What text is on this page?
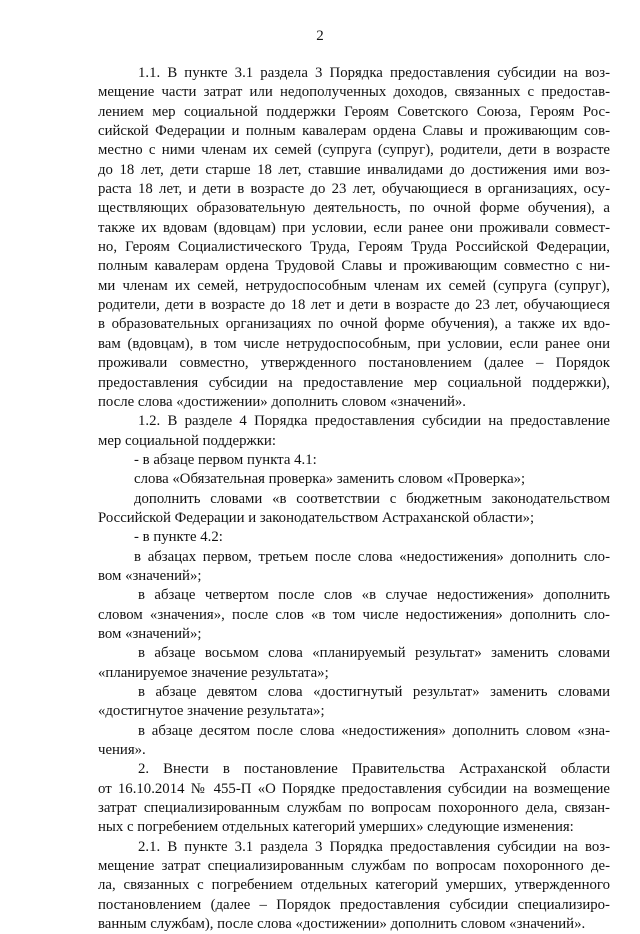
2
1.1. В пункте 3.1 раздела 3 Порядка предоставления субсидии на воз-
мещение части затрат или недополученных доходов, связанных с предостав-
лением мер социальной поддержки Героям Советского Союза, Героям Рос-
сийской Федерации и полным кавалерам ордена Славы и проживающим сов-
местно с ними членам их семей (супруга (супруг), родители, дети в возрасте
до 18 лет, дети старше 18 лет, ставшие инвалидами до достижения ими воз-
раста 18 лет, и дети в возрасте до 23 лет, обучающиеся в организациях, осу-
ществляющих образовательную деятельность, по очной форме обучения), а
также их вдовам (вдовцам) при условии, если ранее они проживали совмест-
но, Героям Социалистического Труда, Героям Труда Российской Федерации,
полным кавалерам ордена Трудовой Славы и проживающим совместно с ни-
ми членам их семей, нетрудоспособным членам их семей (супруга (супруг),
родители, дети в возрасте до 18 лет и дети в возрасте до 23 лет, обучающиеся
в образовательных организациях по очной форме обучения), а также их вдо-
вам (вдовцам), в том числе нетрудоспособным, при условии, если ранее они
проживали совместно, утвержденного постановлением (далее – Порядок
предоставления субсидии на предоставление мер социальной поддержки),
после слова «достижении» дополнить словом «значений».
1.2. В разделе 4 Порядка предоставления субсидии на предоставление
мер социальной поддержки:
- в абзаце первом пункта 4.1:
слова «Обязательная проверка» заменить словом «Проверка»;
дополнить словами «в соответствии с бюджетным законодательством
Российской Федерации и законодательством Астраханской области»;
- в пункте 4.2:
в абзацах первом, третьем после слова «недостижения» дополнить сло-
вом «значений»;
в абзаце четвертом после слов «в случае недостижения» дополнить
словом «значения», после слов «в том числе недостижения» дополнить сло-
вом «значений»;
в абзаце восьмом слова «планируемый результат» заменить словами
«планируемое значение результата»;
в абзаце девятом слова «достигнутый результат» заменить словами
«достигнутое значение результата»;
в абзаце десятом после слова «недостижения» дополнить словом «зна-
чения».
2. Внести в постановление Правительства Астраханской области
от 16.10.2014 № 455-П «О Порядке предоставления субсидии на возмещение
затрат специализированным службам по вопросам похоронного дела, связан-
ных с погребением отдельных категорий умерших» следующие изменения:
2.1. В пункте 3.1 раздела 3 Порядка предоставления субсидии на воз-
мещение затрат специализированным службам по вопросам похоронного де-
ла, связанных с погребением отдельных категорий умерших, утвержденного
постановлением (далее – Порядок предоставления субсидии специализиро-
ванным службам), после слова «достижении» дополнить словом «значений».
